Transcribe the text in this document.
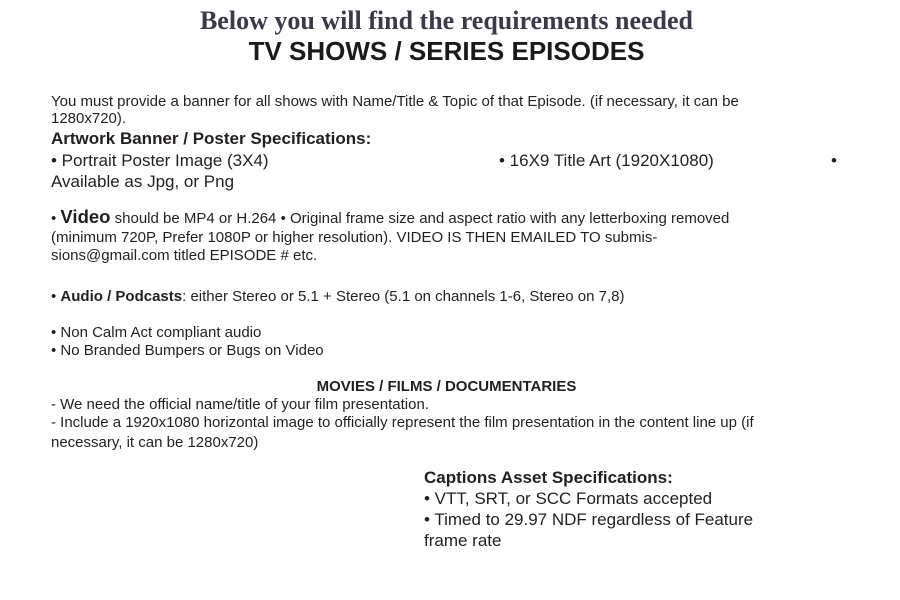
Below you will find the requirements needed
TV SHOWS / SERIES EPISODES

You must provide a banner for all shows with Name/Title & Topic of that Episode. (if necessary, it can be

1280x720).

Artwork Banner / Poster Specifications:

• Portrait Poster Image (3X4)	• 16X9 Title Art (1920X1080)	•

Available as Jpg, or Png

• Video should be MP4 or H.264 • Original frame size and aspect ratio with any letterboxing removed

(minimum 720P, Prefer 1080P or higher resolution). VIDEO IS THEN EMAILED TO submis-

sions@gmail.com titled EPISODE # etc.

• Audio / Podcasts: either Stereo or 5.1 + Stereo (5.1 on channels 1-6, Stereo on 7,8)

• Non Calm Act compliant audio

• No Branded Bumpers or Bugs on Video

MOVIES / FILMS / DOCUMENTARIES

- We need the official name/title of your film presentation.

- Include a 1920x1080 horizontal image to officially represent the film presentation in the content line up (if

necessary, it can be 1280x720)

Captions Asset Specifications:

• VTT, SRT, or SCC Formats accepted

• Timed to 29.97 NDF regardless of Feature

frame rate
